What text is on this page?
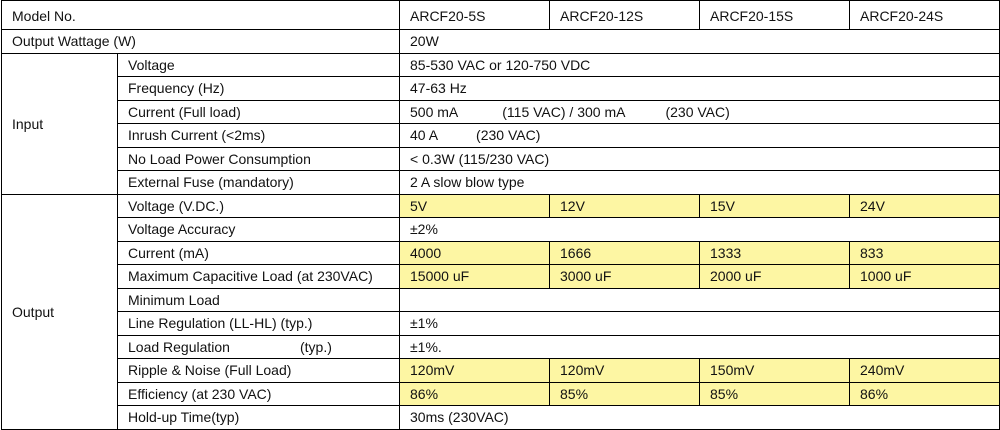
Model No.		ARCF20-5S	ARCF20-12S	ARCF20-15S	ARCF20-24S
Output Wattage (W)		20W			
Input	Voltage	85-530 VAC or 120-750 VDC			
	Frequency (Hz)	47-63 Hz			
	Current (Full load)	500 mA (115 VAC) / 300 mA (230 VAC)			
	Inrush Current (<2ms)	40 A (230 VAC)			
	No Load Power Consumption	< 0.3W (115/230 VAC)			
	External Fuse (mandatory)	2 A slow blow type			
Output	Voltage (V.DC.)	5V	12V	15V	24V
	Voltage Accuracy	±2%			
	Current (mA)	4000	1666	1333	833
	Maximum Capacitive Load (at 230VAC)	15000 uF	3000 uF	2000 uF	1000 uF
	Minimum Load				
	Line Regulation (LL-HL) (typ.)	±1%			
	Load Regulation (typ.)	±1%.			
	Ripple & Noise (Full Load)	120mV	120mV	150mV	240mV
	Efficiency (at 230 VAC)	86%	85%	85%	86%
	Hold-up Time(typ)	30ms (230VAC)			
